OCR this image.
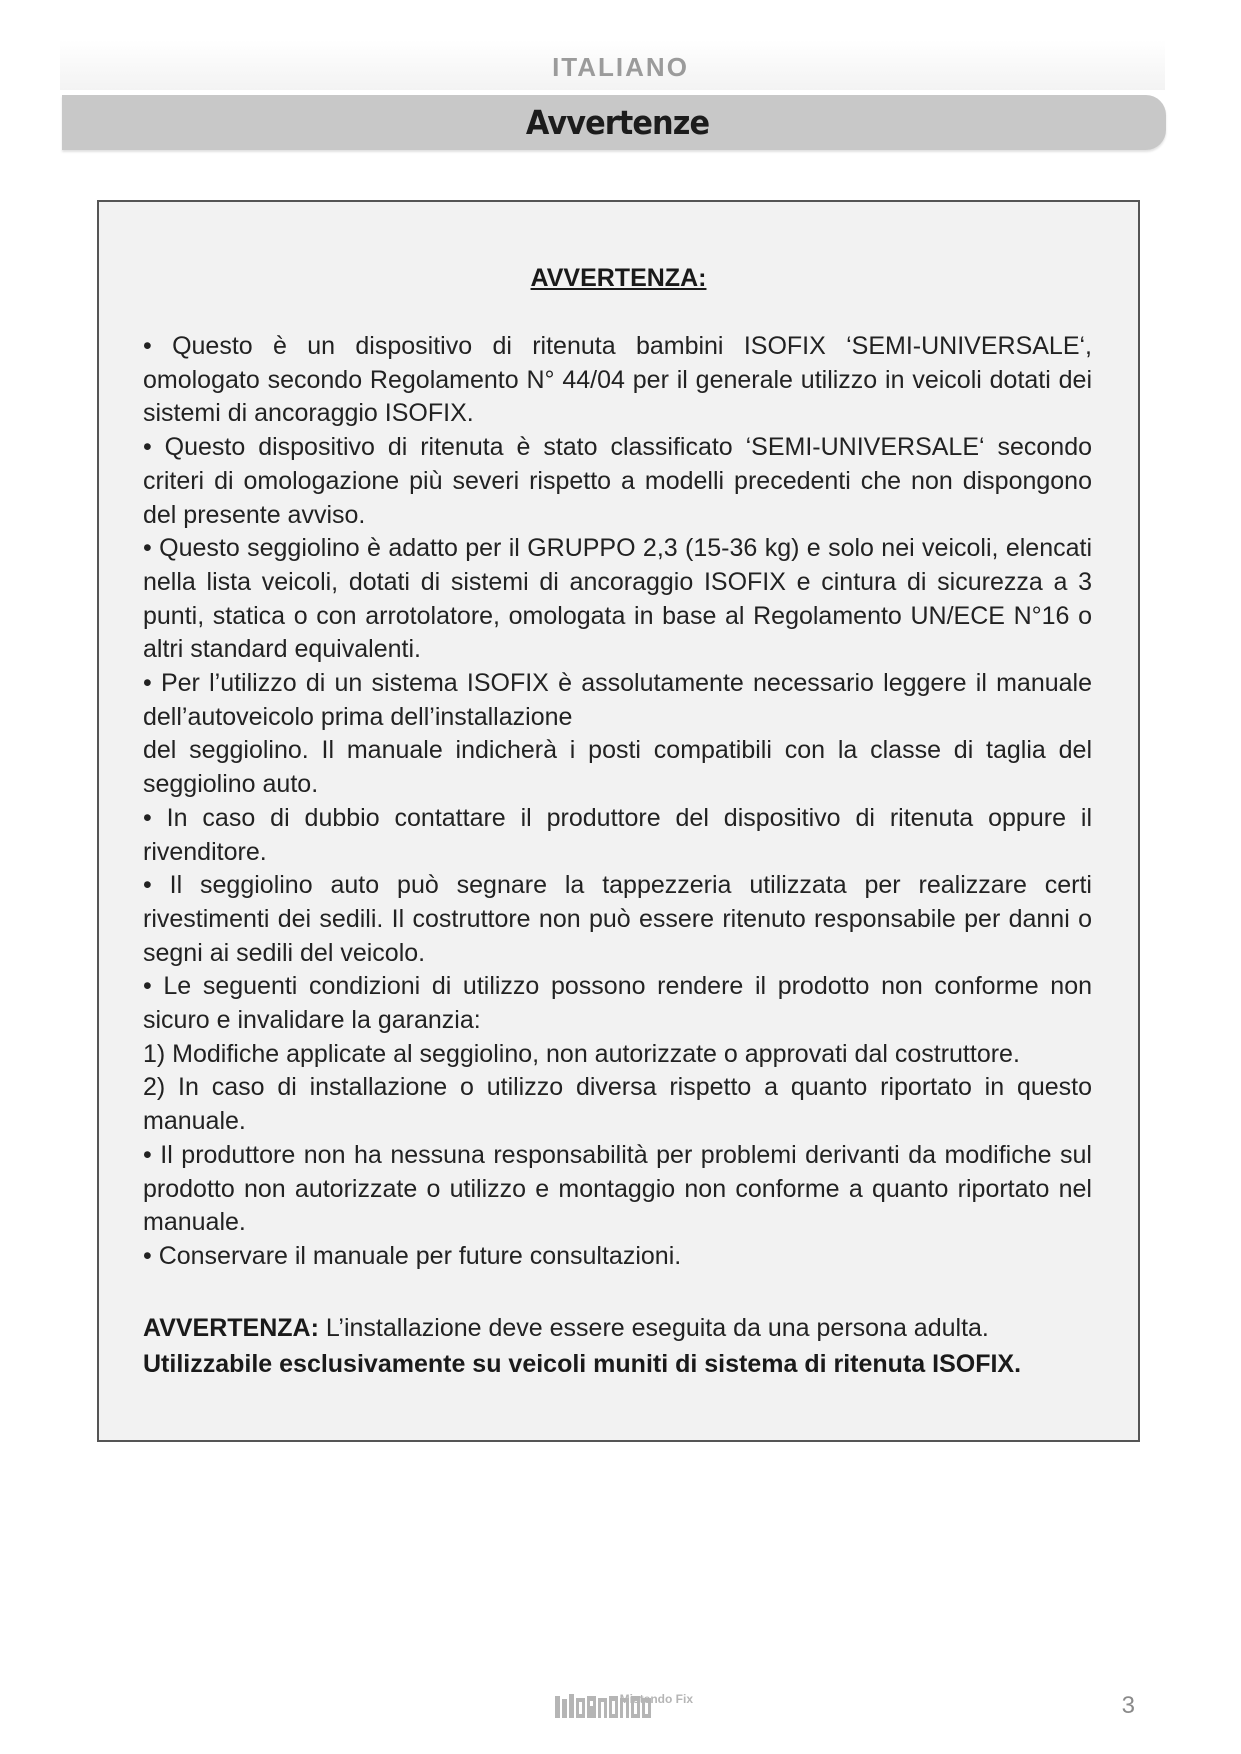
ITALIANO
Avvertenze
AVVERTENZA:

• Questo è un dispositivo di ritenuta bambini ISOFIX ‘SEMI-UNIVERSALE‘, omologato secondo Regolamento N° 44/04 per il generale utilizzo in veicoli dotati dei sistemi di ancoraggio ISOFIX.

• Questo dispositivo di ritenuta è stato classificato ‘SEMI-UNIVERSALE‘ secondo criteri di omologazione più severi rispetto a modelli precedenti che non dispongono del presente avviso.

• Questo seggiolino è adatto per il GRUPPO 2,3 (15-36 kg) e solo nei veicoli, elencati nella lista veicoli, dotati di sistemi di ancoraggio ISOFIX e cintura di sicurezza a 3 punti, statica o con arrotolatore, omologata in base al Regolamento UN/ECE N°16 o altri standard equivalenti.

• Per l’utilizzo di un sistema ISOFIX è assolutamente necessario leggere il manuale dell’autoveicolo prima dell’installazione

del seggiolino. Il manuale indicherà i posti compatibili con la classe di taglia del seggiolino auto.

• In caso di dubbio contattare il produttore del dispositivo di ritenuta oppure il rivenditore.

• Il seggiolino auto può segnare la tappezzeria utilizzata per realizzare certi rivestimenti dei sedili. Il costruttore non può essere ritenuto responsabile per danni o segni ai sedili del veicolo.

• Le seguenti condizioni di utilizzo possono rendere il prodotto non conforme non sicuro e invalidare la garanzia:

1) Modifiche applicate al seggiolino, non autorizzate o approvati dal costruttore.

2) In caso di installazione o utilizzo diversa rispetto a quanto riportato in questo manuale.

• Il produttore non ha nessuna responsabilità per problemi derivanti da modifiche sul prodotto non autorizzate o utilizzo e montaggio non conforme a quanto riportato nel manuale.

• Conservare il manuale per future consultazioni.

AVVERTENZA: L’installazione deve essere eseguita da una persona adulta.

Utilizzabile esclusivamente su veicoli muniti di sistema di ritenuta ISOFIX.

Mistendo Fix	3
